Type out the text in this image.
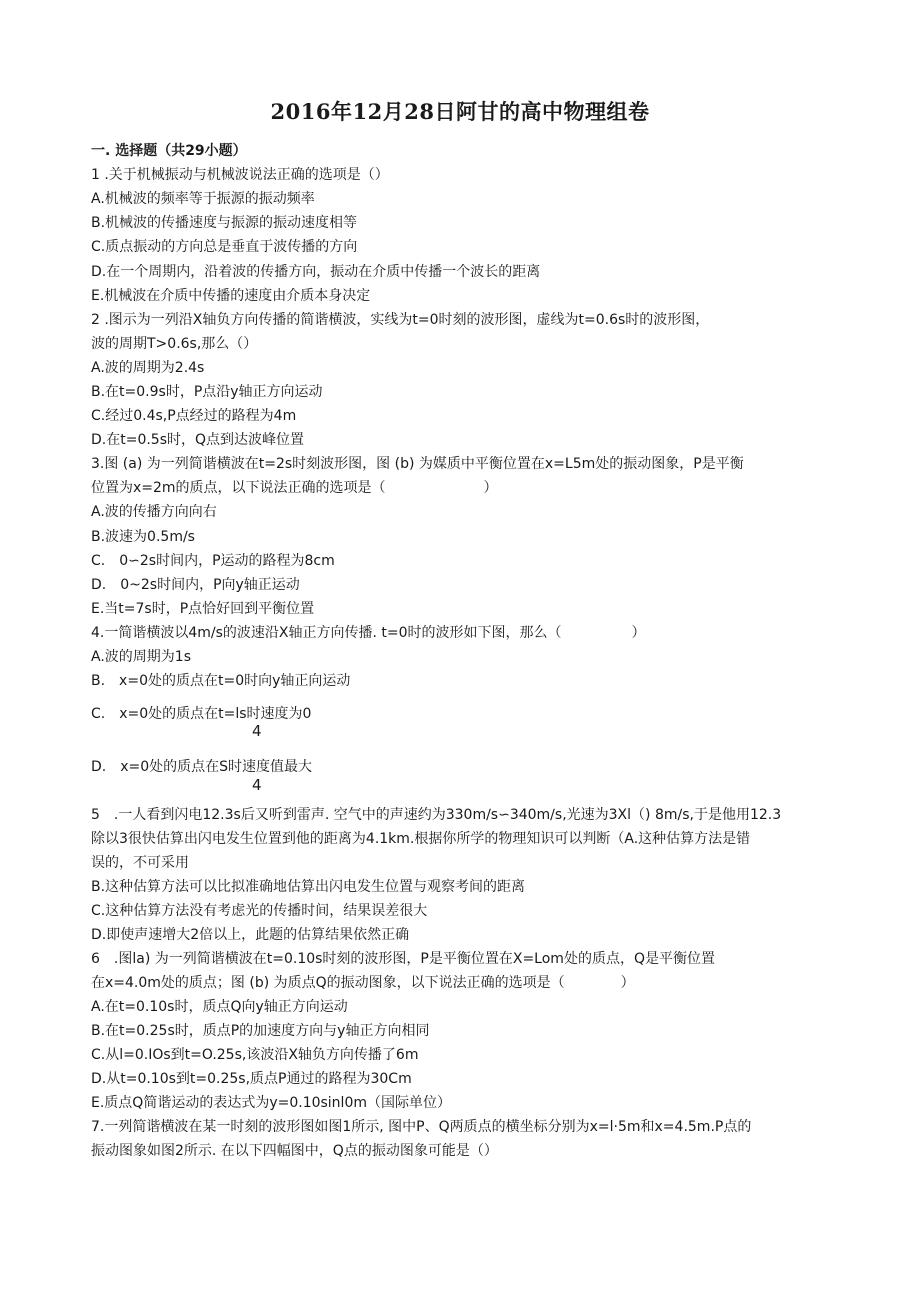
2016年12月28日阿甘的高中物理组卷
一. 选择题（共29小题）
1 .关于机械振动与机械波说法正确的选项是（）
A.机械波的频率等于振源的振动频率
B.机械波的传播速度与振源的振动速度相等
C.质点振动的方向总是垂直于波传播的方向
D.在一个周期内，沿着波的传播方向，振动在介质中传播一个波长的距离
E.机械波在介质中传播的速度由介质本身决定
2 .图示为一列沿X轴负方向传播的简谐横波，实线为t=0时刻的波形图，虚线为t=0.6s时的波形图，
波的周期T>0.6s,那么（）
A.波的周期为2.4s
B.在t=0.9s时，P点沿y轴正方向运动
C.经过0.4s,P点经过的路程为4m
D.在t=0.5s时，Q点到达波峰位置
3.图 (a) 为一列简谐横波在t=2s时刻波形图，图 (b) 为媒质中平衡位置在x=L5m处的振动图象，P是平衡
位置为x=2m的质点，以下说法正确的选项是（　　　　　　　）
A.波的传播方向向右
B.波速为0.5m∕s
C.　0∽2s时间内，P运动的路程为8cm
D.　0~2s时间内，P向y轴正运动
E.当t=7s时，P点恰好回到平衡位置
4.一简谐横波以4m∕s的波速沿X轴正方向传播. t=0时的波形如下图，那么（　　　　　）
A.波的周期为1s
B.　x=0处的质点在t=0时向y轴正向运动
C.　x=0处的质点在t=ls时速度为0
4
D.　x=0处的质点在S时速度值最大
4
5　.一人看到闪电12.3s后又听到雷声. 空气中的声速约为330m∕s∽340m∕s,光速为3Xl（) 8m∕s,于是他用12.3
除以3很快估算出闪电发生位置到他的距离为4.1km.根据你所学的物理知识可以判断（A.这种估算方法是错
误的，不可采用
B.这种估算方法可以比拟准确地估算出闪电发生位置与观察考间的距离
C.这种估算方法没有考虑光的传播时间，结果误差很大
D.即使声速增大2倍以上，此题的估算结果依然正确
6　.图la) 为一列简谐横波在t=0.10s时刻的波形图，P是平衡位置在X=Lom处的质点，Q是平衡位置
在x=4.0m处的质点；图 (b) 为质点Q的振动图象，以下说法正确的选项是（　　　　）
A.在t=0.10s时，质点Q向y轴正方向运动
B.在t=0.25s时，质点P的加速度方向与y轴正方向相同
C.从l=0.IOs到t=O.25s,该波沿X轴负方向传播了6m
D.从t=0.10s到t=0.25s,质点P通过的路程为30Cm
E.质点Q简谐运动的表达式为y=0.10sinl0m（国际单位）
7.一列简谐横波在某一时刻的波形图如图1所示, 图中P、Q两质点的横坐标分别为x=l·5m和x=4.5m.P点的
振动图象如图2所示. 在以下四幅图中，Q点的振动图象可能是（）
